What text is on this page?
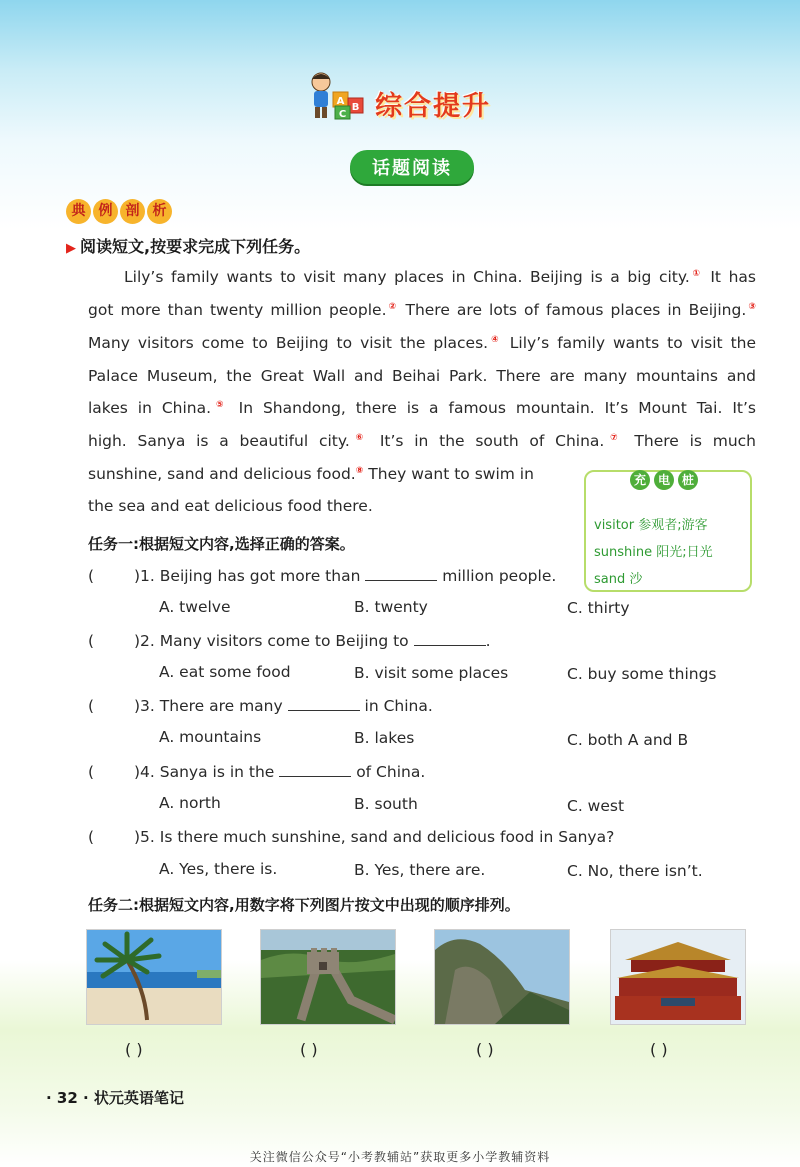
A
B
C 综合提升
话题阅读
典 例 剖 析
▶ 阅读短文,按要求完成下列任务。
Lily’s family wants to visit many places in China. Beijing is a big city.① It has
got more than twenty million people.② There are lots of famous places in Beijing.③
Many visitors come to Beijing to visit the places.④ Lily’s family wants to visit the
Palace Museum, the Great Wall and Beihai Park. There are many mountains and
lakes in China.⑤ In Shandong, there is a famous mountain. It’s Mount Tai. It’s
high. Sanya is a beautiful city.⑥ It’s in the south of China.⑦ There is much
sunshine, sand and delicious food.⑧ They want to swim in
the sea and eat delicious food there.
充 电 桩
visitor 参观者;游客
sunshine 阳光;日光
sand 沙
任务一:根据短文内容,选择正确的答案。
(	)1. Beijing has got more than	million people.
A. twelve	B. twenty	C. thirty
(	)2. Many visitors come to Beijing to	.
A. eat some food	B. visit some places	C. buy some things
(	)3. There are many	in China.
A. mountains	B. lakes	C. both A and B
(	)4. Sanya is in the	of China.
A. north	B. south	C. west
(	)5. Is there much sunshine, sand and delicious food in Sanya?
A. Yes, there is.	B. Yes, there are.	C. No, there isn’t.
任务二:根据短文内容,用数字将下列图片按文中出现的顺序排列。
( )	( )	( )	( )
· 32 · 状元英语笔记
关注微信公众号“小考教辅站”获取更多小学教辅资料
